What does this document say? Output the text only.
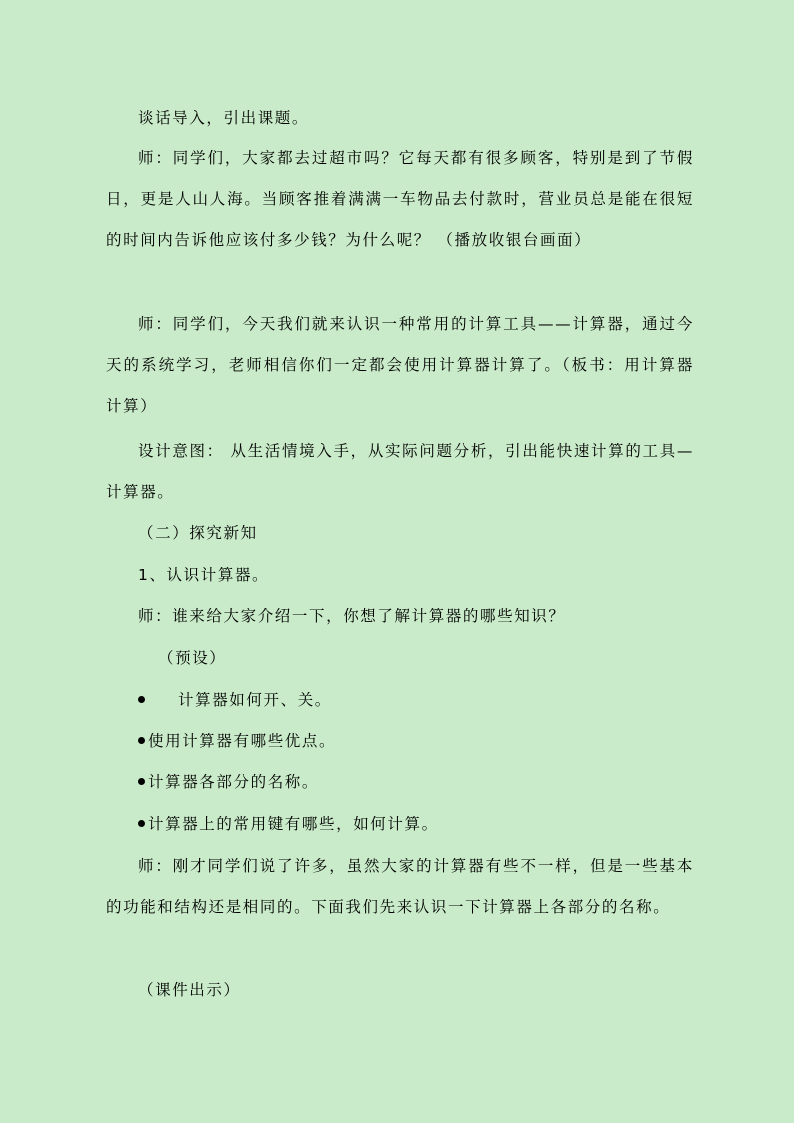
谈话导入，引出课题。
师：同学们，大家都去过超市吗？它每天都有很多顾客，特别是到了节假日，更是人山人海。当顾客推着满满一车物品去付款时，营业员总是能在很短的时间内告诉他应该付多少钱？为什么呢？ （播放收银台画面）
师：同学们，今天我们就来认识一种常用的计算工具——计算器，通过今天的系统学习，老师相信你们一定都会使用计算器计算了。（板书：用计算器计算）
设计意图： 从生活情境入手，从实际问题分析，引出能快速计算的工具—计算器。
（二）探究新知
1、认识计算器。
师：谁来给大家介绍一下，你想了解计算器的哪些知识？
（预设）
计算器如何开、关。
使用计算器有哪些优点。
计算器各部分的名称。
计算器上的常用键有哪些，如何计算。
师：刚才同学们说了许多，虽然大家的计算器有些不一样，但是一些基本的功能和结构还是相同的。下面我们先来认识一下计算器上各部分的名称。
（课件出示）
